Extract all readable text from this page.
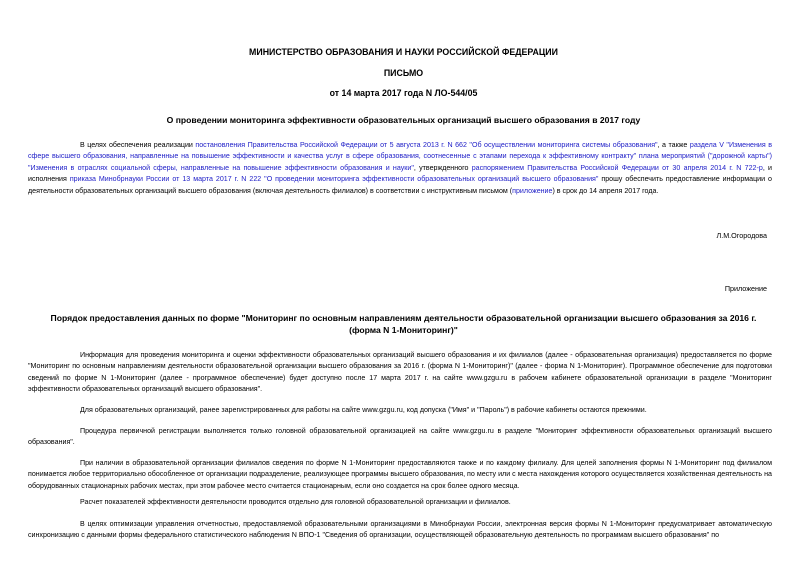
МИНИСТЕРСТВО ОБРАЗОВАНИЯ И НАУКИ РОССИЙСКОЙ ФЕДЕРАЦИИ
ПИСЬМО
от 14 марта 2017 года N ЛО-544/05
О проведении мониторинга эффективности образовательных организаций высшего образования в 2017 году

В целях обеспечения реализации постановления Правительства Российской Федерации от 5 августа 2013 г. N 662 "Об осуществлении мониторинга системы образования", а также раздела V "Изменения в сфере высшего образования, направленные на повышение эффективности и качества услуг в сфере образования, соотнесенные с этапами перехода к эффективному контракту" плана мероприятий ("дорожной карты") "Изменения в отраслях социальной сферы, направленные на повышение эффективности образования и науки", утвержденного распоряжением Правительства Российской Федерации от 30 апреля 2014 г. N 722-р, и исполнения приказа Минобрнауки России от 13 марта 2017 г. N 222 "О проведении мониторинга эффективности образовательных организаций высшего образования" прошу обеспечить предоставление информации о деятельности образовательных организаций высшего образования (включая деятельность филиалов) в соответствии с инструктивным письмом (приложение) в срок до 14 апреля 2017 года.

Л.М.Огородова
Приложение
Порядок предоставления данных по форме "Мониторинг по основным направлениям деятельности образовательной организации высшего образования за 2016 г.
(форма N 1-Мониторинг)"

Информация для проведения мониторинга и оценки эффективности образовательных организаций высшего образования и их филиалов (далее - образовательная организация) предоставляется по форме "Мониторинг по основным направлениям деятельности образовательной организации высшего образования за 2016 г. (форма N 1-Мониторинг)" (далее - форма N 1-Мониторинг). Программное обеспечение для подготовки сведений по форме N 1-Мониторинг (далее - программное обеспечение) будет доступно после 17 марта 2017 г. на сайте www.gzgu.ru в рабочем кабинете образовательной организации в разделе "Мониторинг эффективности образовательных организаций высшего образования".

Для образовательных организаций, ранее зарегистрированных для работы на сайте www.gzgu.ru, код допуска ("Имя" и "Пароль") в рабочие кабинеты остаются прежними.

Процедура первичной регистрации выполняется только головной образовательной организацией на сайте www.gzgu.ru в разделе "Мониторинг эффективности образовательных организаций высшего образования".

При наличии в образовательной организации филиалов сведения по форме N 1-Мониторинг предоставляются также и по каждому филиалу. Для целей заполнения формы N 1-Мониторинг под филиалом понимается любое территориально обособленное от организации подразделение, реализующее программы высшего образования, по месту или с места нахождения которого осуществляется хозяйственная деятельность на оборудованных стационарных рабочих местах, при этом рабочее место считается стационарным, если оно создается на срок более одного месяца.

Расчет показателей эффективности деятельности проводится отдельно для головной образовательной организации и филиалов.

В целях оптимизации управления отчетностью, предоставляемой образовательными организациями в Минобрнауки России, электронная версия формы N 1-Мониторинг предусматривает автоматическую синхронизацию с данными формы федерального статистического наблюдения N ВПО-1 "Сведения об организации, осуществляющей образовательную деятельность по программам высшего образования" по
